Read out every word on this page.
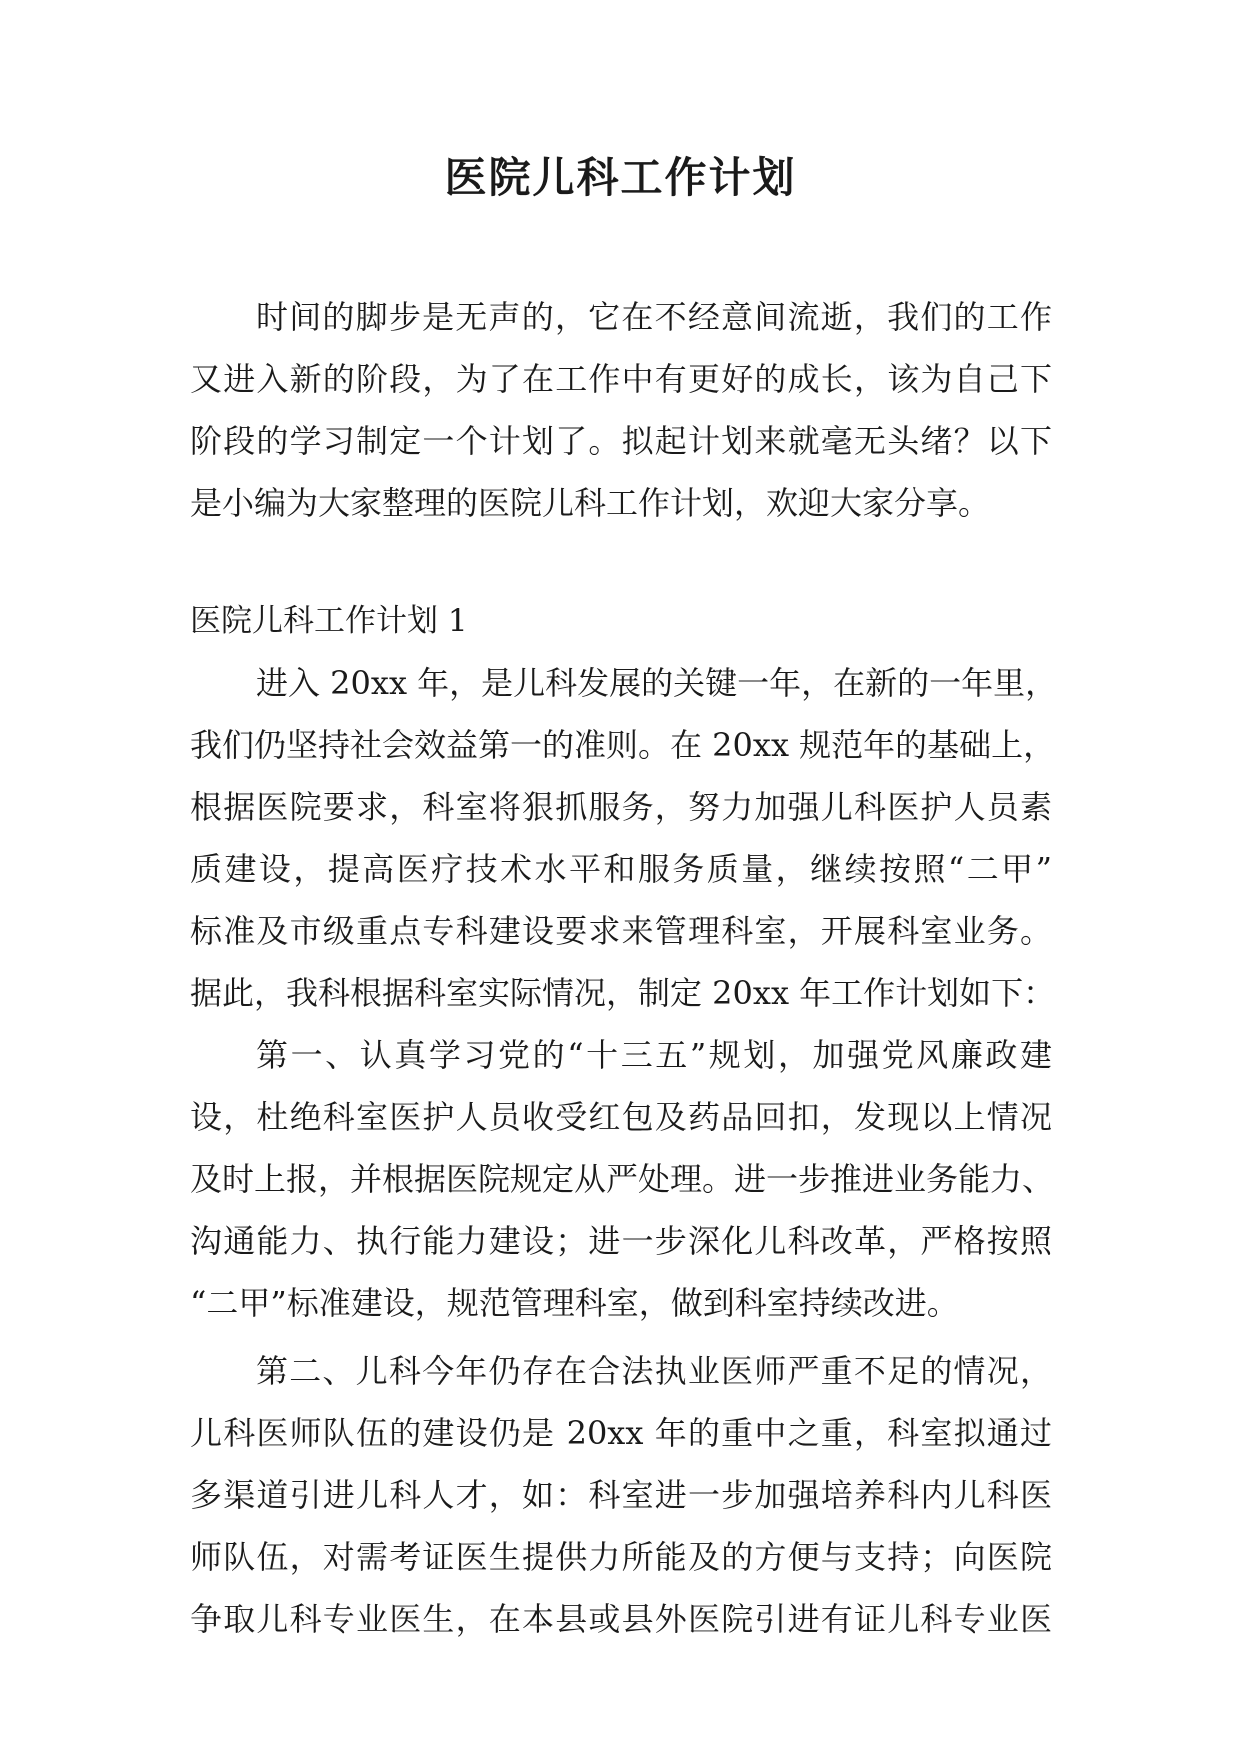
医院儿科工作计划
时间的脚步是无声的，它在不经意间流逝，我们的工作
又进入新的阶段，为了在工作中有更好的成长，该为自己下
阶段的学习制定一个计划了。拟起计划来就毫无头绪？以下
是小编为大家整理的医院儿科工作计划，欢迎大家分享。
医院儿科工作计划 1
进入 20xx 年，是儿科发展的关键一年，在新的一年里，
我们仍坚持社会效益第一的准则。在 20xx 规范年的基础上，
根据医院要求，科室将狠抓服务，努力加强儿科医护人员素
质建设，提高医疗技术水平和服务质量，继续按照“二甲”
标准及市级重点专科建设要求来管理科室，开展科室业务。
据此，我科根据科室实际情况，制定 20xx 年工作计划如下：
第一、认真学习党的“十三五”规划，加强党风廉政建
设，杜绝科室医护人员收受红包及药品回扣，发现以上情况
及时上报，并根据医院规定从严处理。进一步推进业务能力、
沟通能力、执行能力建设；进一步深化儿科改革，严格按照
“二甲”标准建设，规范管理科室，做到科室持续改进。
第二、儿科今年仍存在合法执业医师严重不足的情况，
儿科医师队伍的建设仍是 20xx 年的重中之重，科室拟通过
多渠道引进儿科人才，如：科室进一步加强培养科内儿科医
师队伍，对需考证医生提供力所能及的方便与支持；向医院
争取儿科专业医生，在本县或县外医院引进有证儿科专业医
